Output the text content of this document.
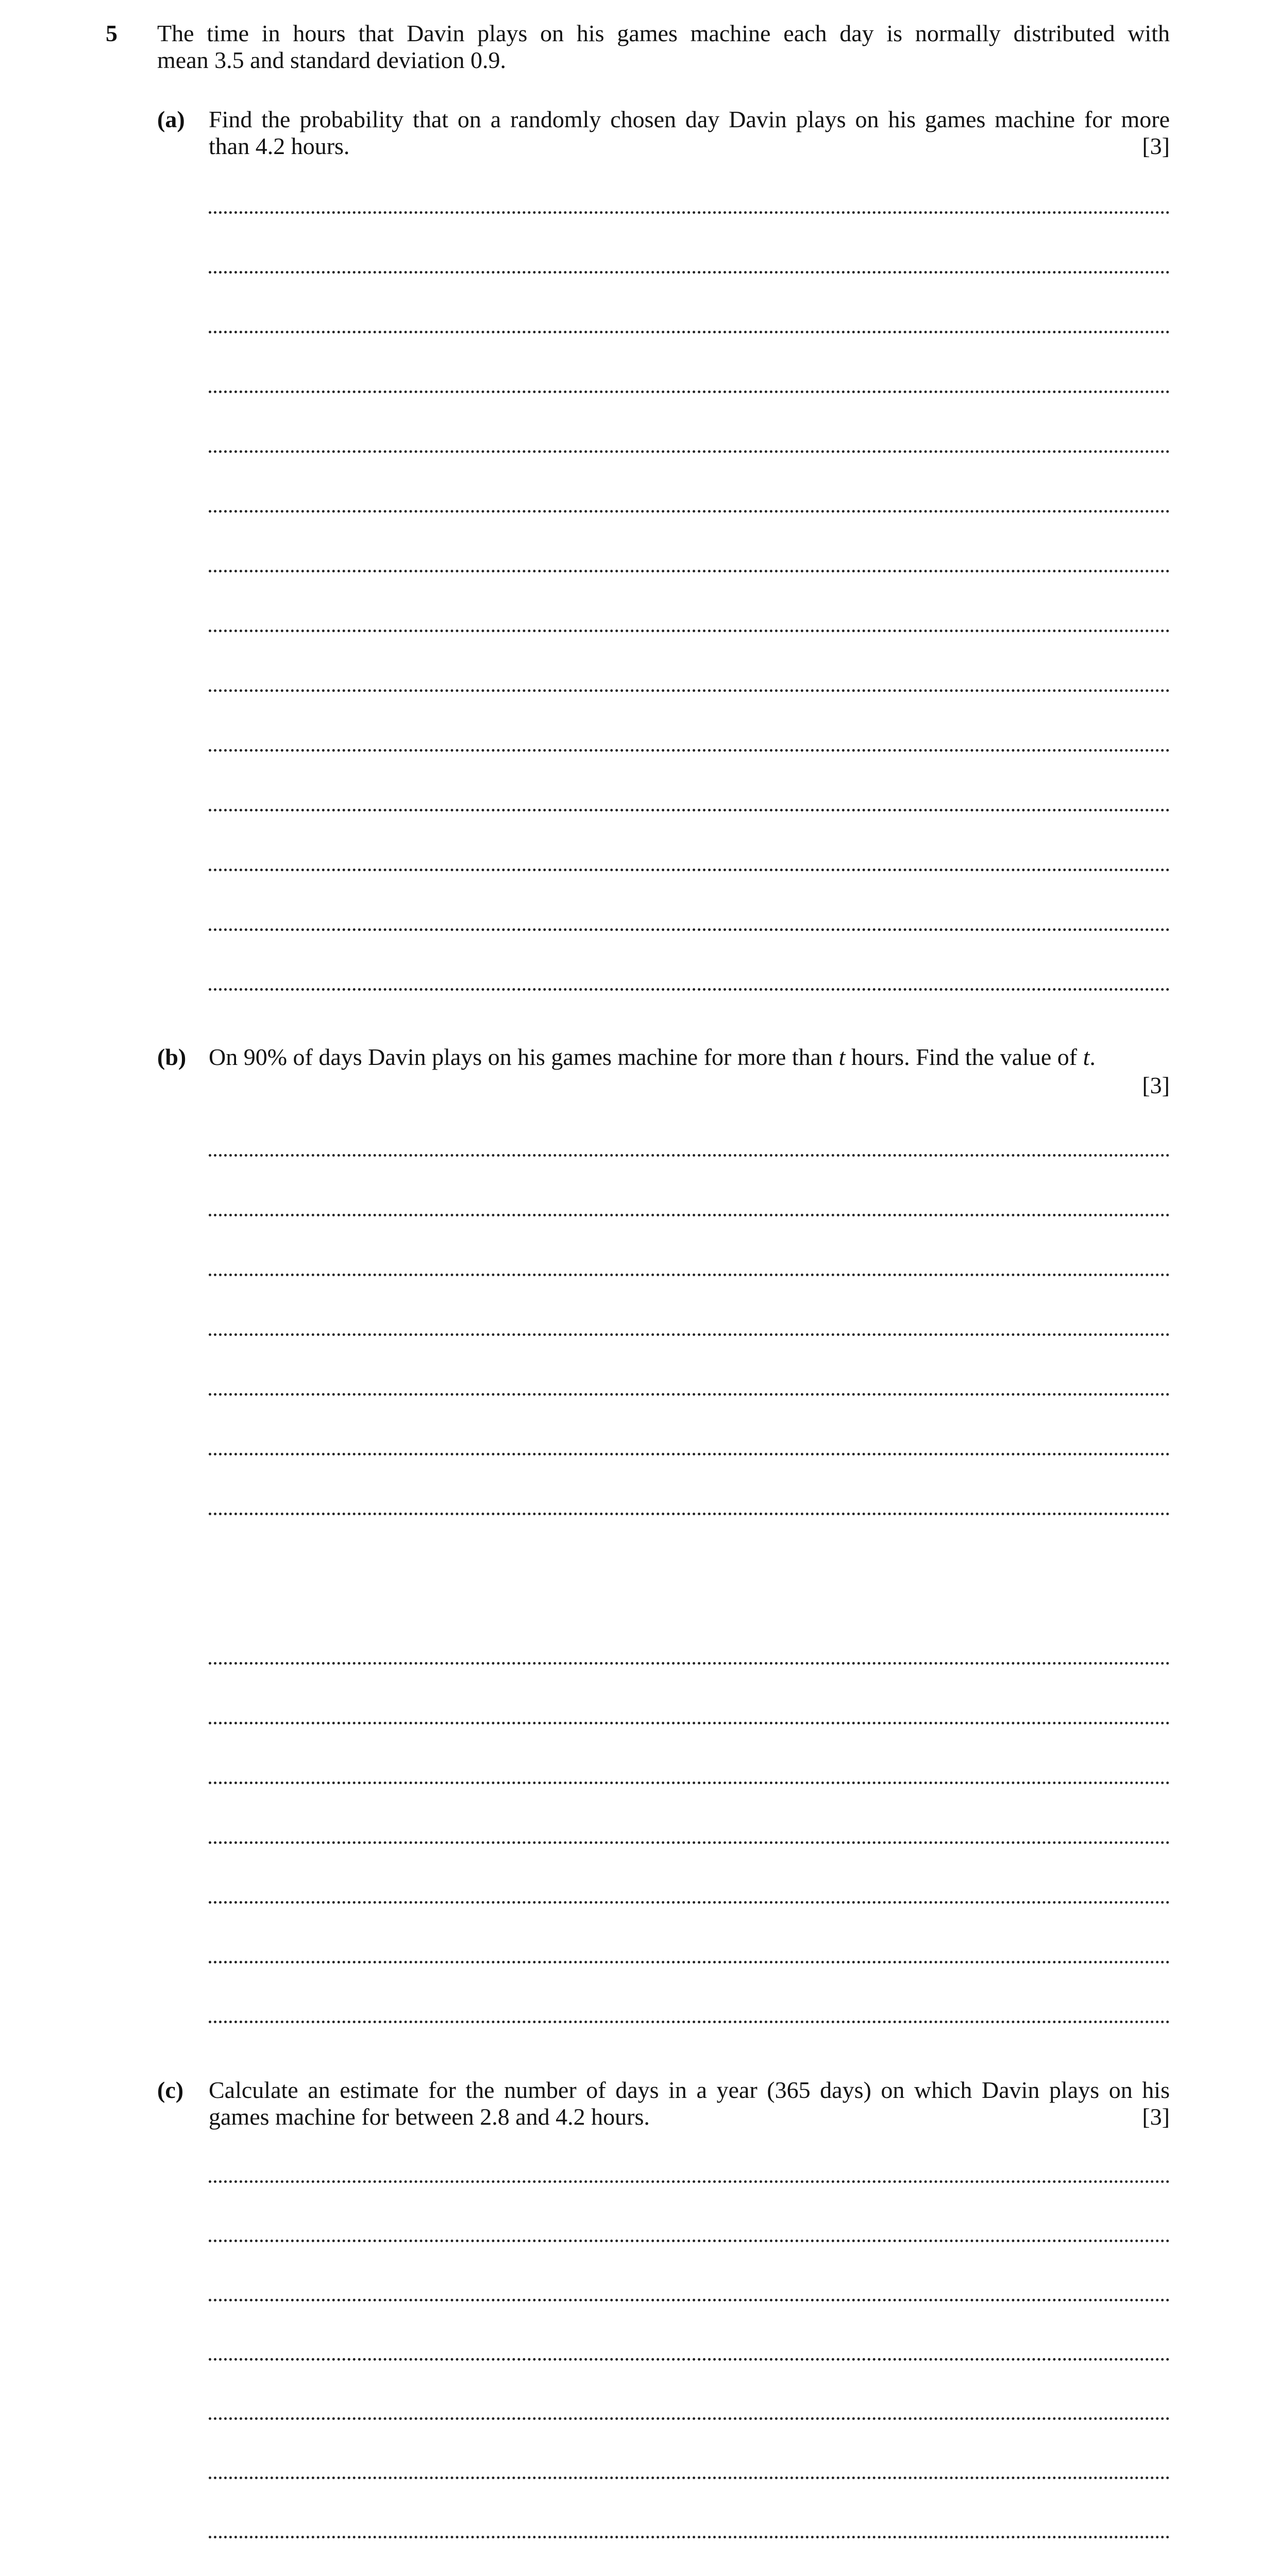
5 The time in hours that Davin plays on his games machine each day is normally distributed with
mean 3.5 and standard deviation 0.9.
(a) Find the probability that on a randomly chosen day Davin plays on his games machine for more
than 4.2 hours.	[3]
(b) On 90% of days Davin plays on his games machine for more than t hours. Find the value of t.
[3]
(c) Calculate an estimate for the number of days in a year (365 days) on which Davin plays on his
games machine for between 2.8 and 4.2 hours.	[3]
